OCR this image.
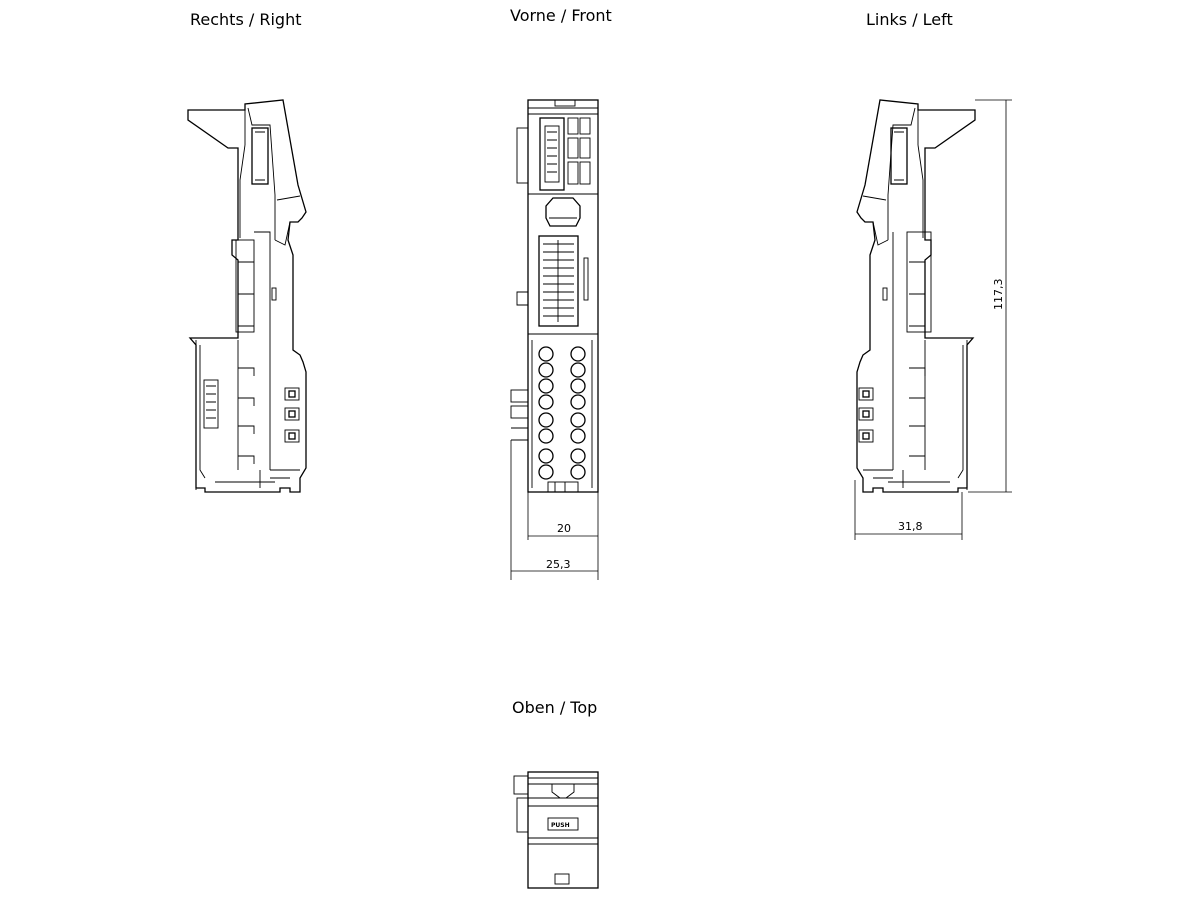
Rechts / Right	Vorne / Front	Links / Left
Oben / Top
20
25,3
31,8
117,3
PUSH
